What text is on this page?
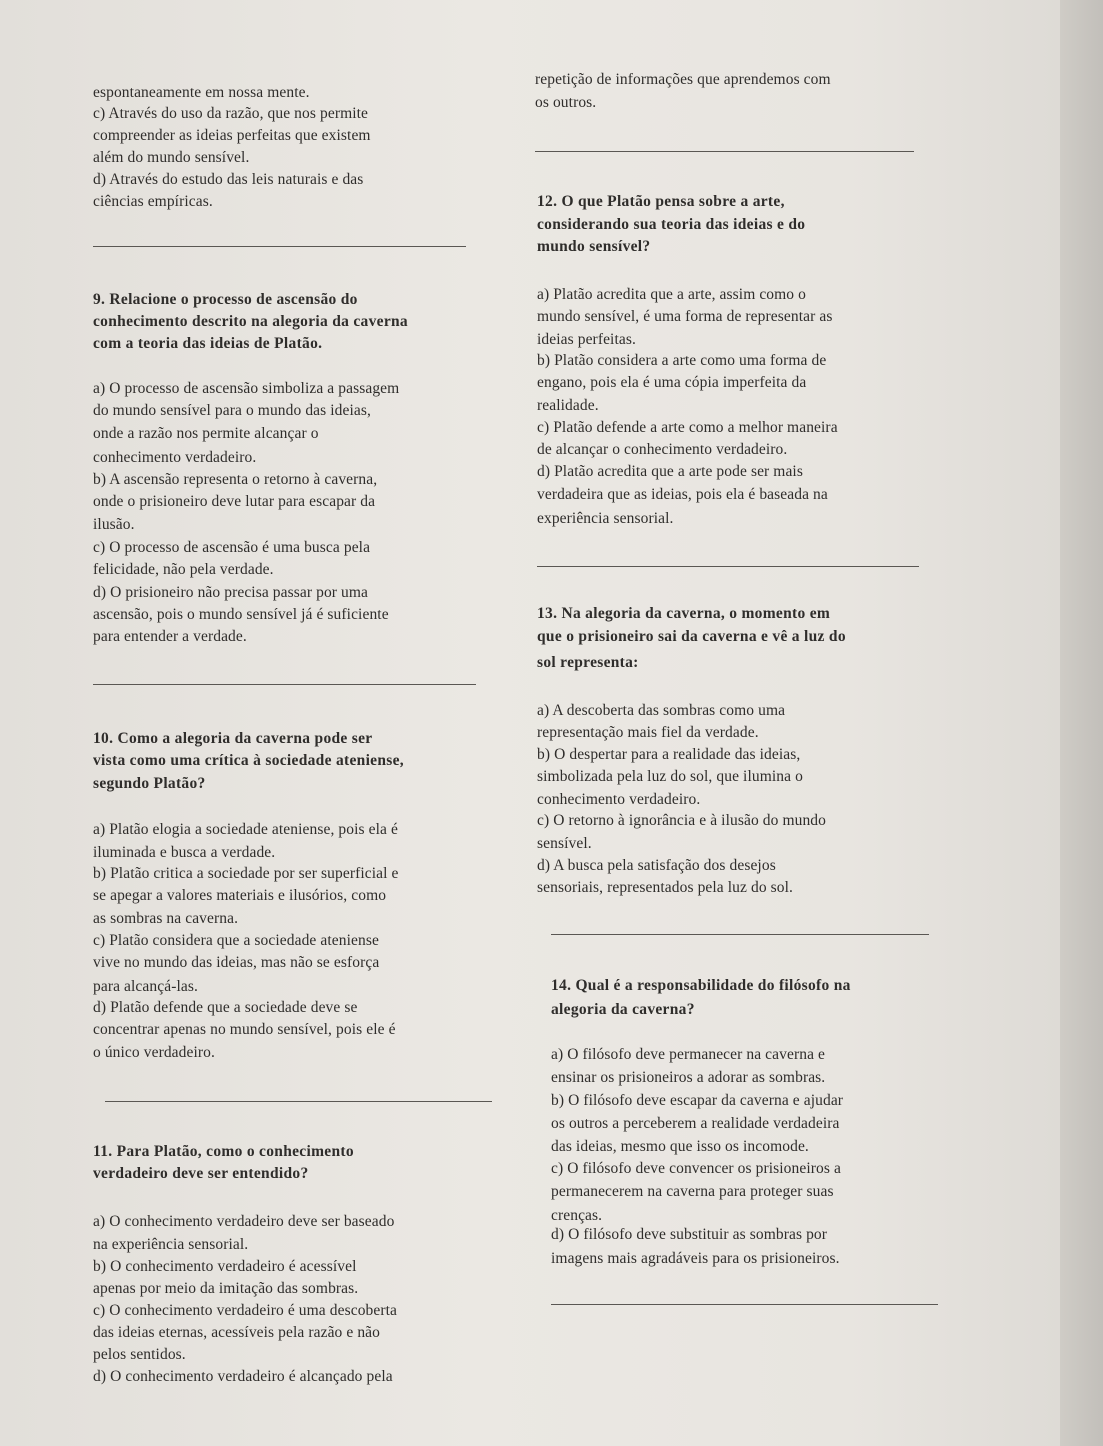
espontaneamente em nossa mente.

c) Através do uso da razão, que nos permite

compreender as ideias perfeitas que existem

além do mundo sensível.

d) Através do estudo das leis naturais e das

ciências empíricas.

9. Relacione o processo de ascensão do

conhecimento descrito na alegoria da caverna

com a teoria das ideias de Platão.

a) O processo de ascensão simboliza a passagem

do mundo sensível para o mundo das ideias,

onde a razão nos permite alcançar o

conhecimento verdadeiro.

b) A ascensão representa o retorno à caverna,

onde o prisioneiro deve lutar para escapar da

ilusão.

c) O processo de ascensão é uma busca pela

felicidade, não pela verdade.

d) O prisioneiro não precisa passar por uma

ascensão, pois o mundo sensível já é suficiente

para entender a verdade.

10. Como a alegoria da caverna pode ser

vista como uma crítica à sociedade ateniense,

segundo Platão?

a) Platão elogia a sociedade ateniense, pois ela é

iluminada e busca a verdade.

b) Platão critica a sociedade por ser superficial e

se apegar a valores materiais e ilusórios, como

as sombras na caverna.

c) Platão considera que a sociedade ateniense

vive no mundo das ideias, mas não se esforça

para alcançá-las.

d) Platão defende que a sociedade deve se

concentrar apenas no mundo sensível, pois ele é

o único verdadeiro.

11. Para Platão, como o conhecimento

verdadeiro deve ser entendido?

a) O conhecimento verdadeiro deve ser baseado

na experiência sensorial.

b) O conhecimento verdadeiro é acessível

apenas por meio da imitação das sombras.

c) O conhecimento verdadeiro é uma descoberta

das ideias eternas, acessíveis pela razão e não

pelos sentidos.

d) O conhecimento verdadeiro é alcançado pela

repetição de informações que aprendemos com

os outros.

12. O que Platão pensa sobre a arte,

considerando sua teoria das ideias e do

mundo sensível?

a) Platão acredita que a arte, assim como o

mundo sensível, é uma forma de representar as

ideias perfeitas.

b) Platão considera a arte como uma forma de

engano, pois ela é uma cópia imperfeita da

realidade.

c) Platão defende a arte como a melhor maneira

de alcançar o conhecimento verdadeiro.

d) Platão acredita que a arte pode ser mais

verdadeira que as ideias, pois ela é baseada na

experiência sensorial.

13. Na alegoria da caverna, o momento em

que o prisioneiro sai da caverna e vê a luz do

sol representa:

a) A descoberta das sombras como uma

representação mais fiel da verdade.

b) O despertar para a realidade das ideias,

simbolizada pela luz do sol, que ilumina o

conhecimento verdadeiro.

c) O retorno à ignorância e à ilusão do mundo

sensível.

d) A busca pela satisfação dos desejos

sensoriais, representados pela luz do sol.

14. Qual é a responsabilidade do filósofo na

alegoria da caverna?

a) O filósofo deve permanecer na caverna e

ensinar os prisioneiros a adorar as sombras.

b) O filósofo deve escapar da caverna e ajudar

os outros a perceberem a realidade verdadeira

das ideias, mesmo que isso os incomode.

c) O filósofo deve convencer os prisioneiros a

permanecerem na caverna para proteger suas

crenças.

d) O filósofo deve substituir as sombras por

imagens mais agradáveis para os prisioneiros.
